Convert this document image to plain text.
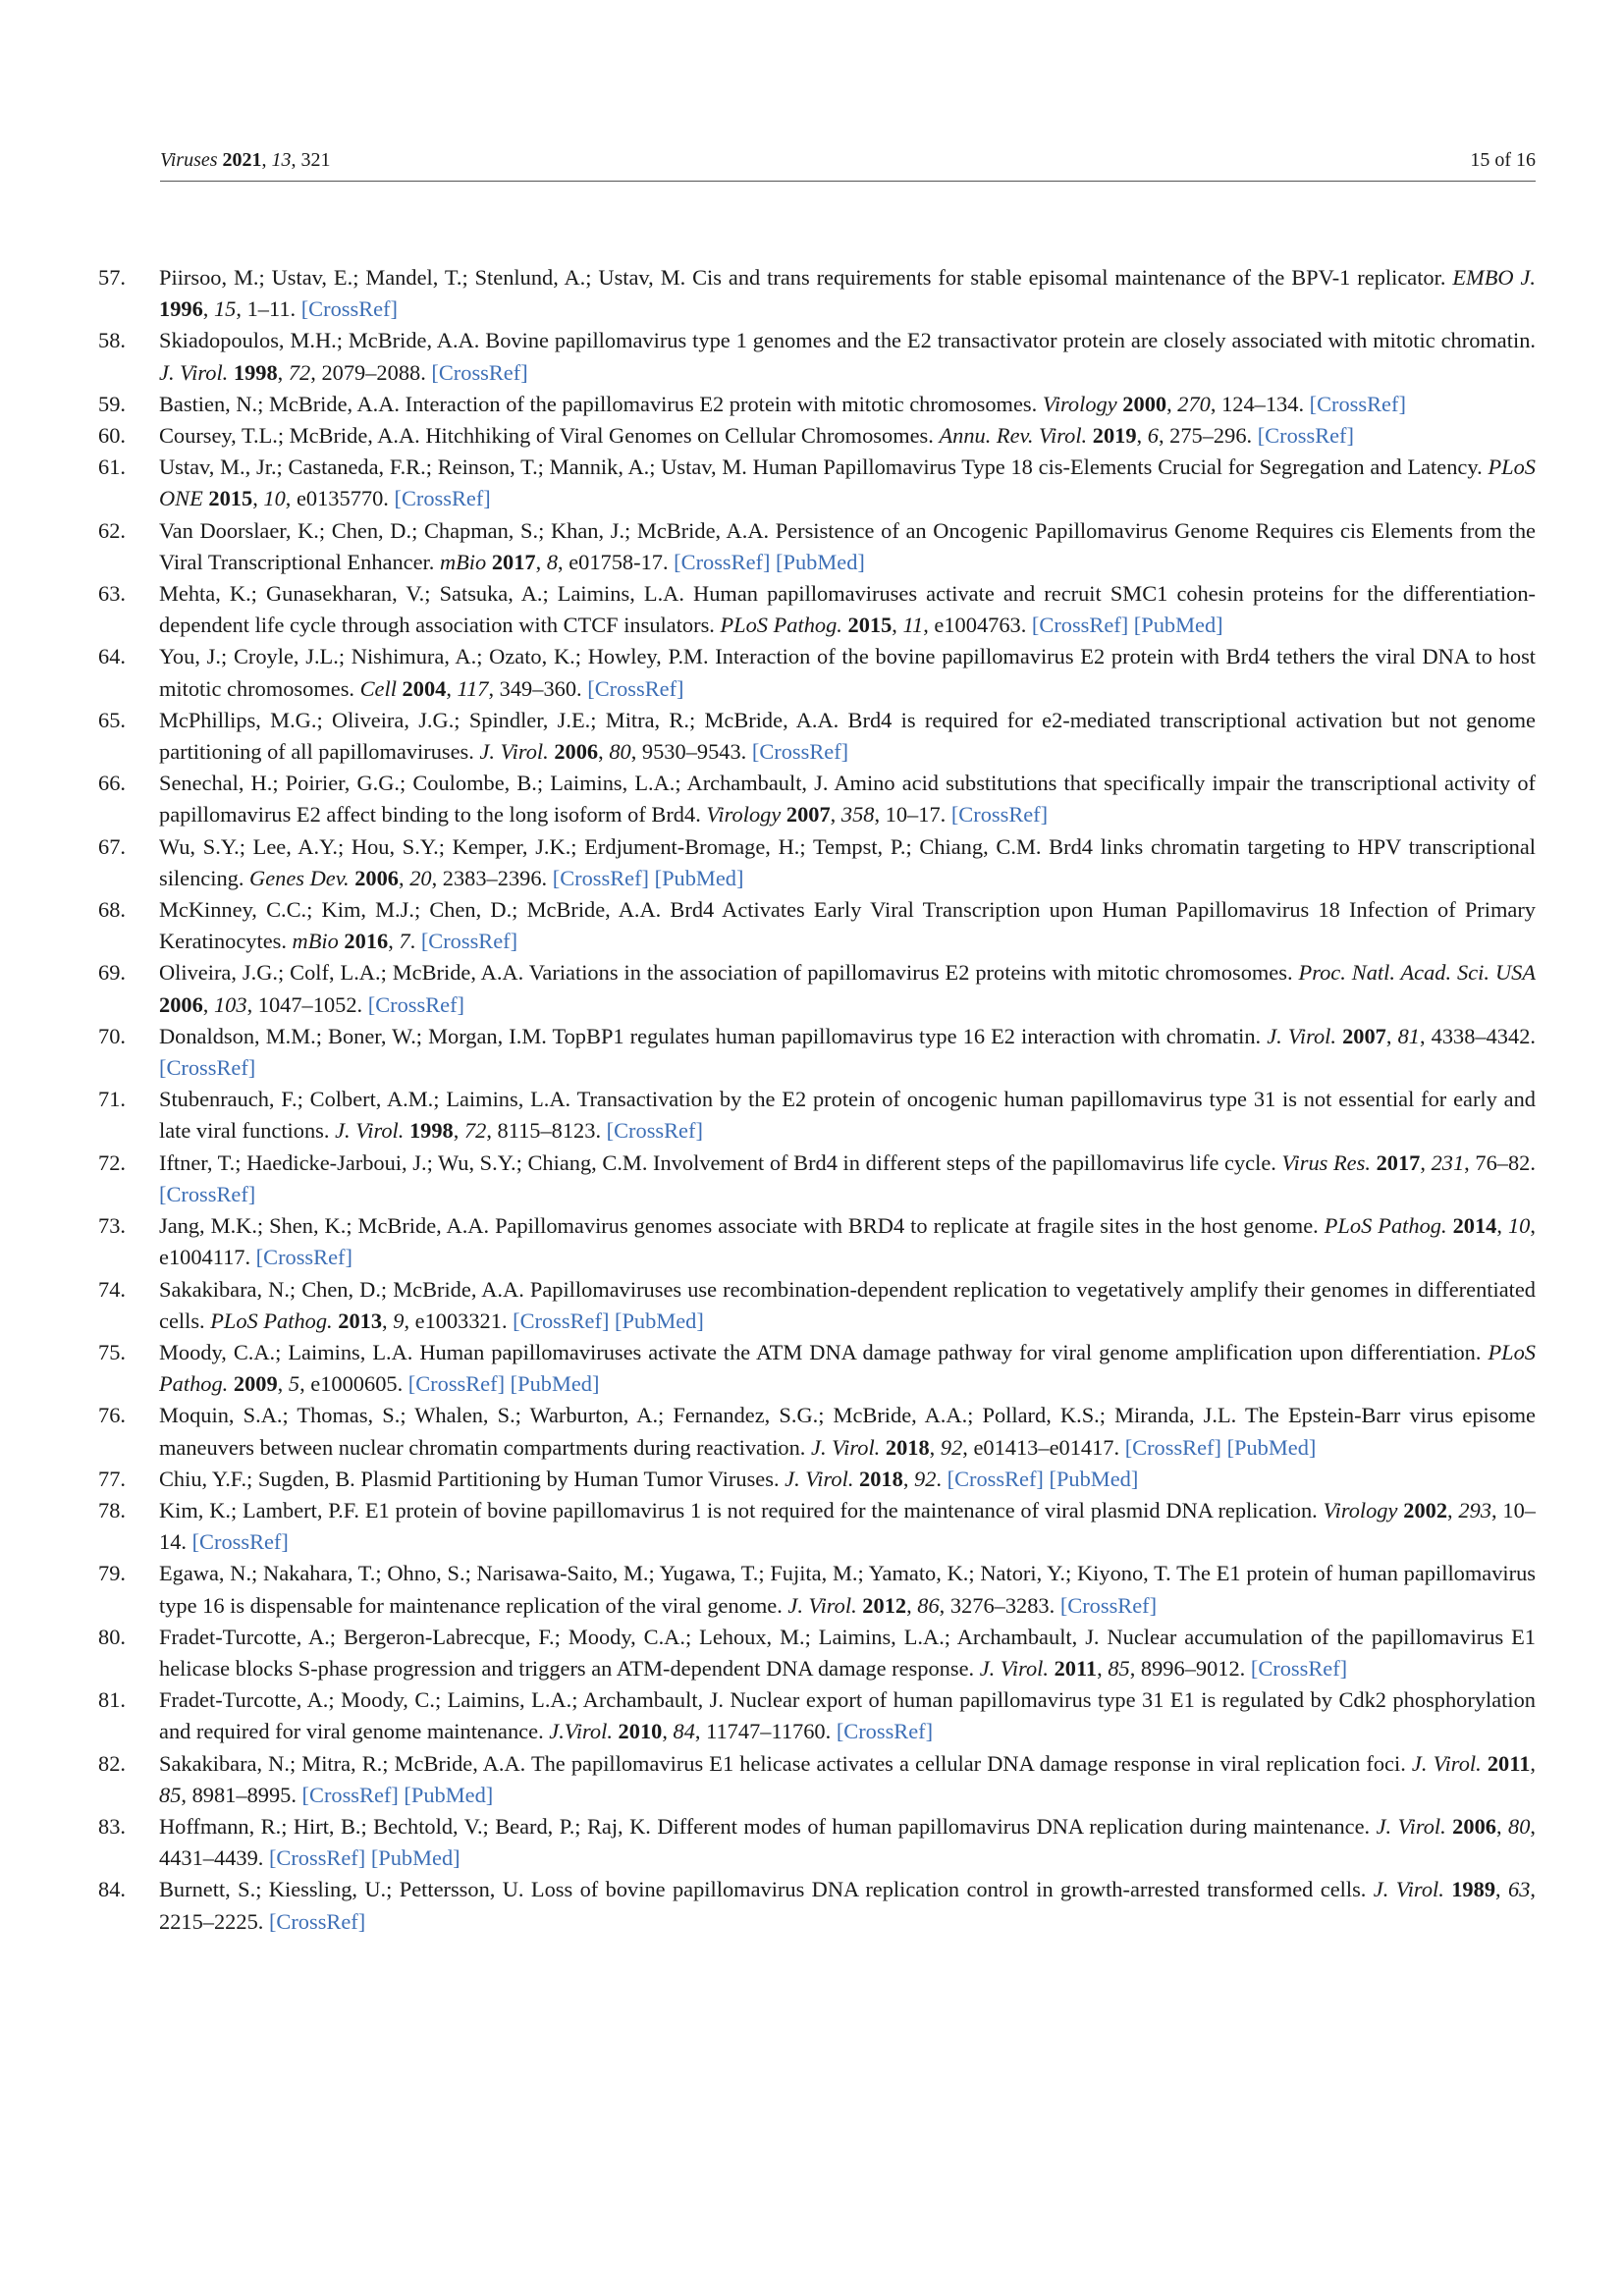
Viruses 2021, 13, 321	15 of 16
57. Piirsoo, M.; Ustav, E.; Mandel, T.; Stenlund, A.; Ustav, M. Cis and trans requirements for stable episomal maintenance of the BPV-1 replicator. EMBO J. 1996, 15, 1–11. [CrossRef]
58. Skiadopoulos, M.H.; McBride, A.A. Bovine papillomavirus type 1 genomes and the E2 transactivator protein are closely associated with mitotic chromatin. J. Virol. 1998, 72, 2079–2088. [CrossRef]
59. Bastien, N.; McBride, A.A. Interaction of the papillomavirus E2 protein with mitotic chromosomes. Virology 2000, 270, 124–134. [CrossRef]
60. Coursey, T.L.; McBride, A.A. Hitchhiking of Viral Genomes on Cellular Chromosomes. Annu. Rev. Virol. 2019, 6, 275–296. [CrossRef]
61. Ustav, M., Jr.; Castaneda, F.R.; Reinson, T.; Mannik, A.; Ustav, M. Human Papillomavirus Type 18 cis-Elements Crucial for Segregation and Latency. PLoS ONE 2015, 10, e0135770. [CrossRef]
62. Van Doorslaer, K.; Chen, D.; Chapman, S.; Khan, J.; McBride, A.A. Persistence of an Oncogenic Papillomavirus Genome Requires cis Elements from the Viral Transcriptional Enhancer. mBio 2017, 8, e01758-17. [CrossRef] [PubMed]
63. Mehta, K.; Gunasekharan, V.; Satsuka, A.; Laimins, L.A. Human papillomaviruses activate and recruit SMC1 cohesin proteins for the differentiation-dependent life cycle through association with CTCF insulators. PLoS Pathog. 2015, 11, e1004763. [CrossRef] [PubMed]
64. You, J.; Croyle, J.L.; Nishimura, A.; Ozato, K.; Howley, P.M. Interaction of the bovine papillomavirus E2 protein with Brd4 tethers the viral DNA to host mitotic chromosomes. Cell 2004, 117, 349–360. [CrossRef]
65. McPhillips, M.G.; Oliveira, J.G.; Spindler, J.E.; Mitra, R.; McBride, A.A. Brd4 is required for e2-mediated transcriptional activation but not genome partitioning of all papillomaviruses. J. Virol. 2006, 80, 9530–9543. [CrossRef]
66. Senechal, H.; Poirier, G.G.; Coulombe, B.; Laimins, L.A.; Archambault, J. Amino acid substitutions that specifically impair the transcriptional activity of papillomavirus E2 affect binding to the long isoform of Brd4. Virology 2007, 358, 10–17. [CrossRef]
67. Wu, S.Y.; Lee, A.Y.; Hou, S.Y.; Kemper, J.K.; Erdjument-Bromage, H.; Tempst, P.; Chiang, C.M. Brd4 links chromatin targeting to HPV transcriptional silencing. Genes Dev. 2006, 20, 2383–2396. [CrossRef] [PubMed]
68. McKinney, C.C.; Kim, M.J.; Chen, D.; McBride, A.A. Brd4 Activates Early Viral Transcription upon Human Papillomavirus 18 Infection of Primary Keratinocytes. mBio 2016, 7. [CrossRef]
69. Oliveira, J.G.; Colf, L.A.; McBride, A.A. Variations in the association of papillomavirus E2 proteins with mitotic chromosomes. Proc. Natl. Acad. Sci. USA 2006, 103, 1047–1052. [CrossRef]
70. Donaldson, M.M.; Boner, W.; Morgan, I.M. TopBP1 regulates human papillomavirus type 16 E2 interaction with chromatin. J. Virol. 2007, 81, 4338–4342. [CrossRef]
71. Stubenrauch, F.; Colbert, A.M.; Laimins, L.A. Transactivation by the E2 protein of oncogenic human papillomavirus type 31 is not essential for early and late viral functions. J. Virol. 1998, 72, 8115–8123. [CrossRef]
72. Iftner, T.; Haedicke-Jarboui, J.; Wu, S.Y.; Chiang, C.M. Involvement of Brd4 in different steps of the papillomavirus life cycle. Virus Res. 2017, 231, 76–82. [CrossRef]
73. Jang, M.K.; Shen, K.; McBride, A.A. Papillomavirus genomes associate with BRD4 to replicate at fragile sites in the host genome. PLoS Pathog. 2014, 10, e1004117. [CrossRef]
74. Sakakibara, N.; Chen, D.; McBride, A.A. Papillomaviruses use recombination-dependent replication to vegetatively amplify their genomes in differentiated cells. PLoS Pathog. 2013, 9, e1003321. [CrossRef] [PubMed]
75. Moody, C.A.; Laimins, L.A. Human papillomaviruses activate the ATM DNA damage pathway for viral genome amplification upon differentiation. PLoS Pathog. 2009, 5, e1000605. [CrossRef] [PubMed]
76. Moquin, S.A.; Thomas, S.; Whalen, S.; Warburton, A.; Fernandez, S.G.; McBride, A.A.; Pollard, K.S.; Miranda, J.L. The Epstein-Barr virus episome maneuvers between nuclear chromatin compartments during reactivation. J. Virol. 2018, 92, e01413–e01417. [CrossRef] [PubMed]
77. Chiu, Y.F.; Sugden, B. Plasmid Partitioning by Human Tumor Viruses. J. Virol. 2018, 92. [CrossRef] [PubMed]
78. Kim, K.; Lambert, P.F. E1 protein of bovine papillomavirus 1 is not required for the maintenance of viral plasmid DNA replication. Virology 2002, 293, 10–14. [CrossRef]
79. Egawa, N.; Nakahara, T.; Ohno, S.; Narisawa-Saito, M.; Yugawa, T.; Fujita, M.; Yamato, K.; Natori, Y.; Kiyono, T. The E1 protein of human papillomavirus type 16 is dispensable for maintenance replication of the viral genome. J. Virol. 2012, 86, 3276–3283. [CrossRef]
80. Fradet-Turcotte, A.; Bergeron-Labrecque, F.; Moody, C.A.; Lehoux, M.; Laimins, L.A.; Archambault, J. Nuclear accumulation of the papillomavirus E1 helicase blocks S-phase progression and triggers an ATM-dependent DNA damage response. J. Virol. 2011, 85, 8996–9012. [CrossRef]
81. Fradet-Turcotte, A.; Moody, C.; Laimins, L.A.; Archambault, J. Nuclear export of human papillomavirus type 31 E1 is regulated by Cdk2 phosphorylation and required for viral genome maintenance. J.Virol. 2010, 84, 11747–11760. [CrossRef]
82. Sakakibara, N.; Mitra, R.; McBride, A.A. The papillomavirus E1 helicase activates a cellular DNA damage response in viral replication foci. J. Virol. 2011, 85, 8981–8995. [CrossRef] [PubMed]
83. Hoffmann, R.; Hirt, B.; Bechtold, V.; Beard, P.; Raj, K. Different modes of human papillomavirus DNA replication during maintenance. J. Virol. 2006, 80, 4431–4439. [CrossRef] [PubMed]
84. Burnett, S.; Kiessling, U.; Pettersson, U. Loss of bovine papillomavirus DNA replication control in growth-arrested transformed cells. J. Virol. 1989, 63, 2215–2225. [CrossRef]
